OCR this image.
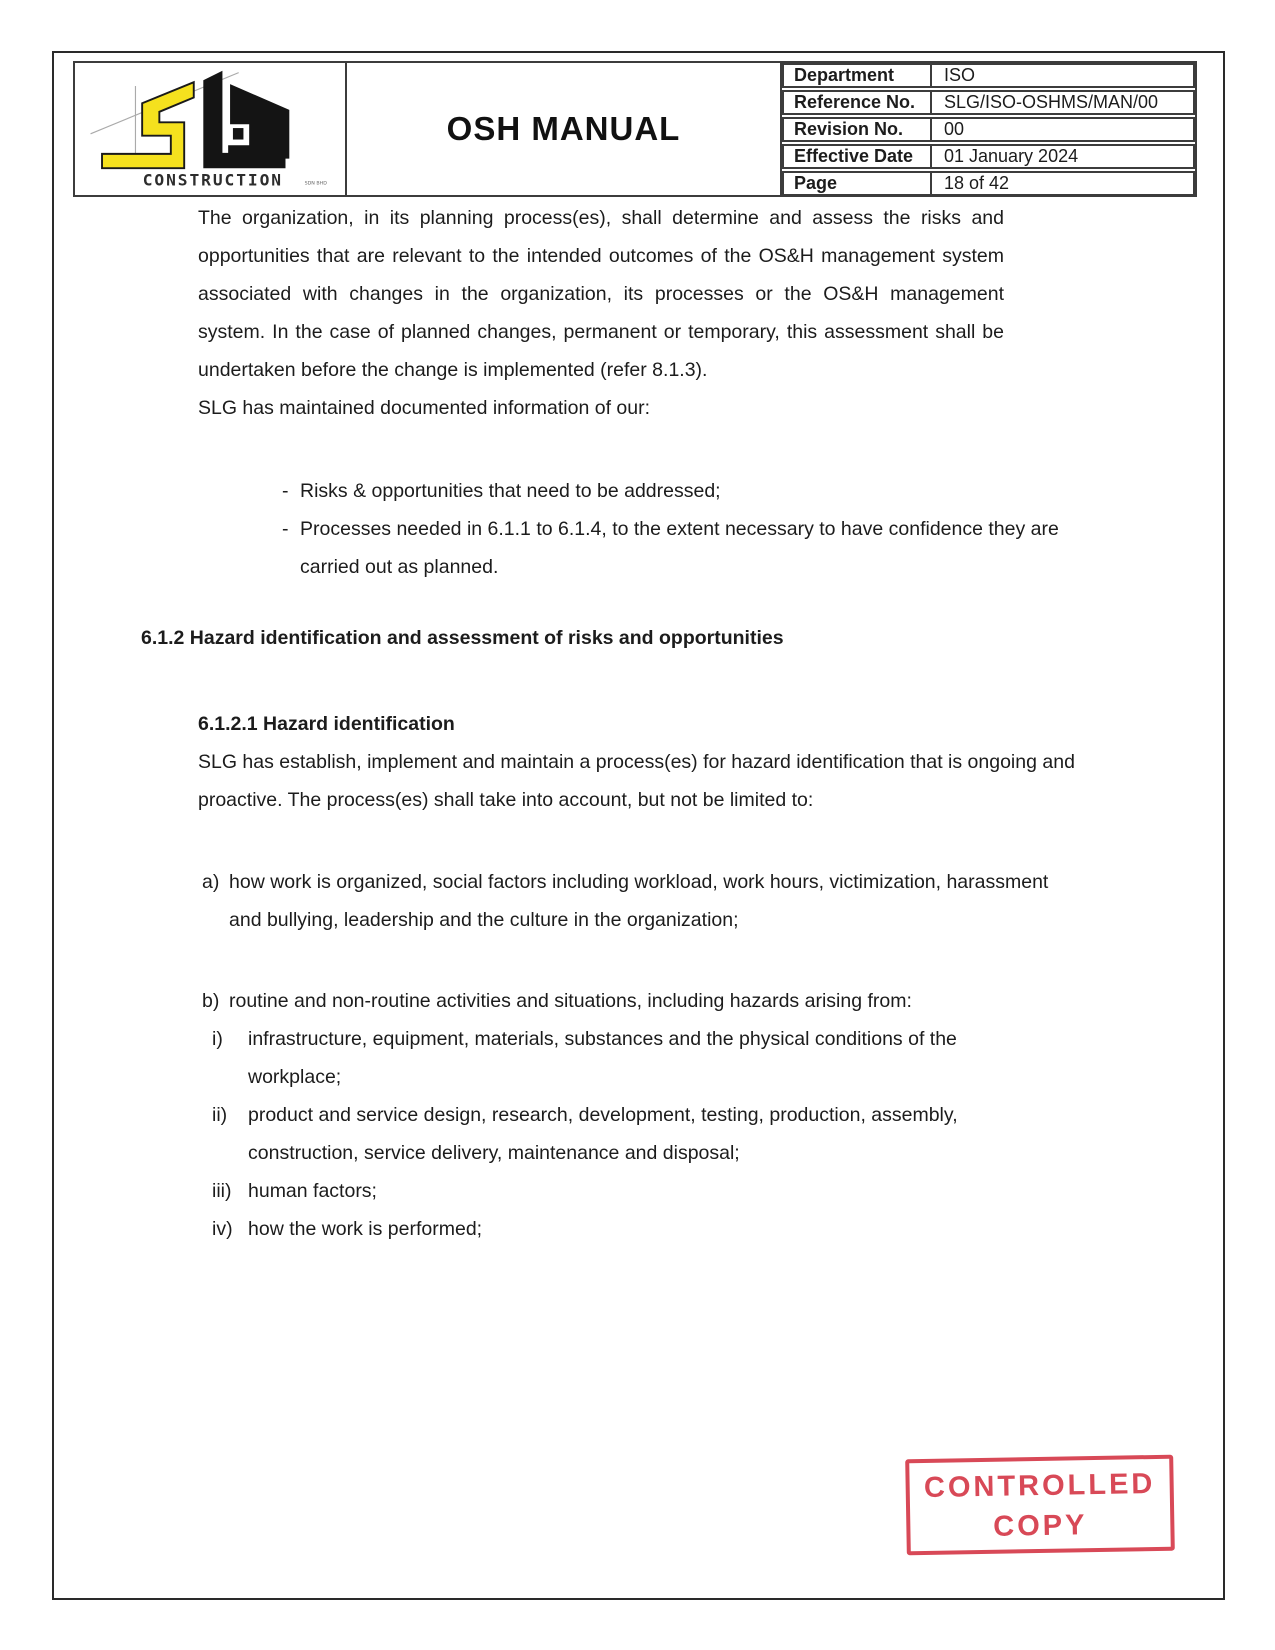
CONSTRUCTION	SDN BHD
OSH MANUAL
Department	ISO
Reference No.	SLG/ISO-OSHMS/MAN/00
Revision No.	00
Effective Date	01 January 2024
Page	18 of 42

The organization, in its planning process(es), shall determine and assess the risks and opportunities that are relevant to the intended outcomes of the OS&H management system associated with changes in the organization, its processes or the OS&H management system. In the case of planned changes, permanent or temporary, this assessment shall be undertaken before the change is implemented (refer 8.1.3).

SLG has maintained documented information of our:

- Risks & opportunities that need to be addressed;
- Processes needed in 6.1.1 to 6.1.4, to the extent necessary to have confidence they are carried out as planned.
6.1.2 Hazard identification and assessment of risks and opportunities
6.1.2.1 Hazard identification

SLG has establish, implement and maintain a process(es) for hazard identification that is ongoing and proactive. The process(es) shall take into account, but not be limited to:

a) how work is organized, social factors including workload, work hours, victimization, harassment and bullying, leadership and the culture in the organization;
b) routine and non-routine activities and situations, including hazards arising from:
i)	infrastructure, equipment, materials, substances and the physical conditions of the workplace;
ii)	product and service design, research, development, testing, production, assembly, construction, service delivery, maintenance and disposal;
iii) human factors;
iv) how the work is performed;
CONTROLLED
COPY
